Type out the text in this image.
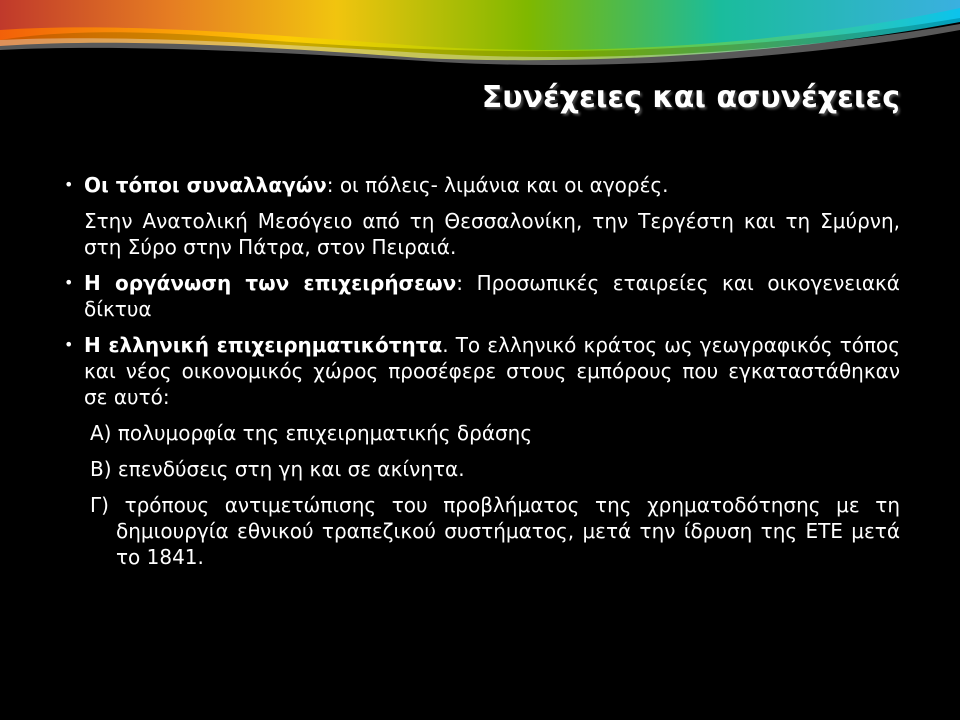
Συνέχειες και ασυνέχειες
• Οι τόποι συναλλαγών: οι πόλεις- λιμάνια και οι αγορές.
Στην Ανατολική Μεσόγειο από τη Θεσσαλονίκη, την Τεργέστη και τη Σμύρνη, στη Σύρο στην Πάτρα, στον Πειραιά.
• Η οργάνωση των επιχειρήσεων: Προσωπικές εταιρείες και οικογενειακά δίκτυα
• Η ελληνική επιχειρηματικότητα. Το ελληνικό κράτος ως γεωγραφικός τόπος και νέος οικονομικός χώρος προσέφερε στους εμπόρους που εγκαταστάθηκαν σε αυτό:
Α) πολυμορφία της επιχειρηματικής δράσης
Β) επενδύσεις στη γη και σε ακίνητα.
Γ) τρόπους αντιμετώπισης του προβλήματος της χρηματοδότησης με τη δημιουργία εθνικού τραπεζικού συστήματος, μετά την ίδρυση της ΕΤΕ μετά το 1841.
